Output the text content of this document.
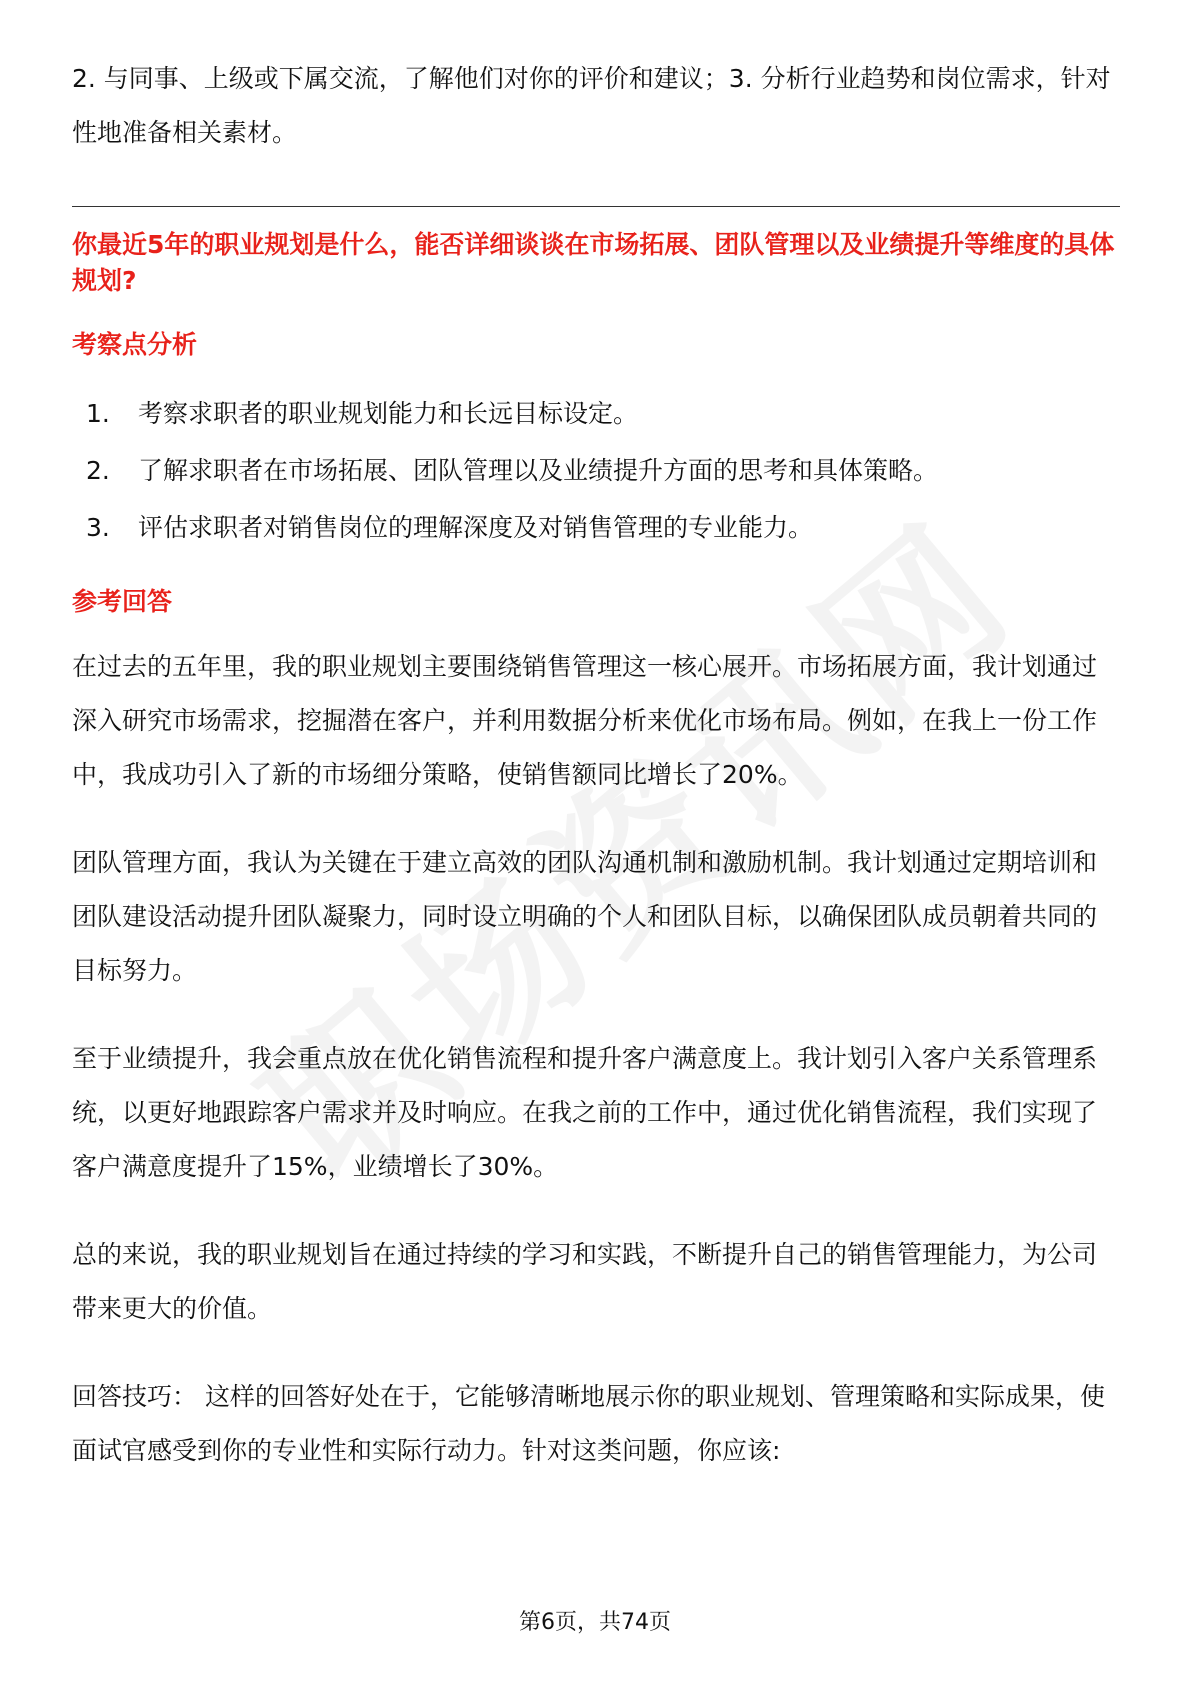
2. 与同事、上级或下属交流，了解他们对你的评价和建议；3. 分析行业趋势和岗位需求，针对性地准备相关素材。

你最近5年的职业规划是什么，能否详细谈谈在市场拓展、团队管理以及业绩提升等维度的具体规划?

考察点分析

1.	考察求职者的职业规划能力和长远目标设定。
2.	了解求职者在市场拓展、团队管理以及业绩提升方面的思考和具体策略。
3.	评估求职者对销售岗位的理解深度及对销售管理的专业能力。

参考回答

在过去的五年里，我的职业规划主要围绕销售管理这一核心展开。市场拓展方面，我计划通过深入研究市场需求，挖掘潜在客户，并利用数据分析来优化市场布局。例如，在我上一份工作中，我成功引入了新的市场细分策略，使销售额同比增长了20%。

团队管理方面，我认为关键在于建立高效的团队沟通机制和激励机制。我计划通过定期培训和团队建设活动提升团队凝聚力，同时设立明确的个人和团队目标，以确保团队成员朝着共同的目标努力。

至于业绩提升，我会重点放在优化销售流程和提升客户满意度上。我计划引入客户关系管理系统，以更好地跟踪客户需求并及时响应。在我之前的工作中，通过优化销售流程，我们实现了客户满意度提升了15%，业绩增长了30%。

总的来说，我的职业规划旨在通过持续的学习和实践，不断提升自己的销售管理能力，为公司带来更大的价值。

回答技巧： 这样的回答好处在于，它能够清晰地展示你的职业规划、管理策略和实际成果，使面试官感受到你的专业性和实际行动力。针对这类问题，你应该:

第6页，共74页
